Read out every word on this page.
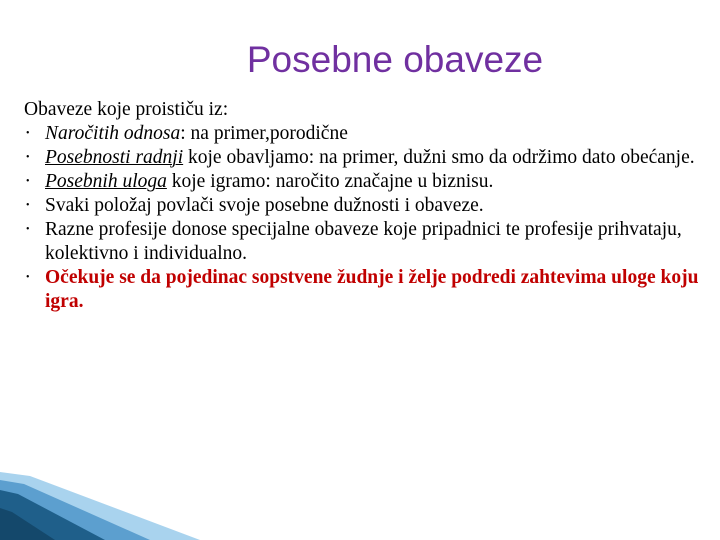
Posebne obaveze
Obaveze koje proističu iz:
• Naročitih odnosa: na primer,porodične
• Posebnosti radnji koje obavljamo: na primer, dužni smo da održimo dato obećanje.
• Posebnih uloga koje igramo: naročito značajne u biznisu.
• Svaki položaj povlači svoje posebne dužnosti i obaveze.
• Razne profesije donose specijalne obaveze koje pripadnici te profesije prihvataju, kolektivno i individualno.
• Očekuje se da pojedinac sopstvene žudnje i želje podredi zahtevima uloge koju igra.
